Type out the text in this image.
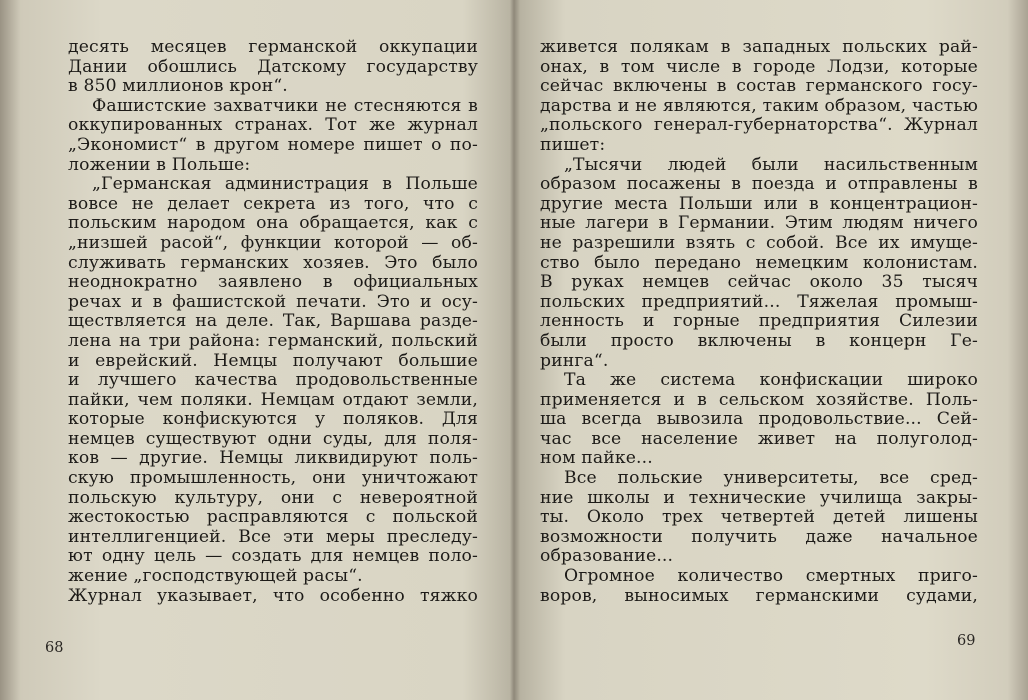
десять месяцев германской оккупации
Дании обошлись Датскому государству
в 850 миллионов крон“.
Фашистские захватчики не стесняются в
оккупированных странах. Тот же журнал
„Экономист“ в другом номере пишет о по-
ложении в Польше:
„Германская администрация в Польше
вовсе не делает секрета из того, что с
польским народом она обращается, как с
„низшей расой“, функции которой — об-
служивать германских хозяев. Это было
неоднократно заявлено в официальных
речах и в фашистской печати. Это и осу-
ществляется на деле. Так, Варшава разде-
лена на три района: германский, польский
и еврейский. Немцы получают большие
и лучшего качества продовольственные
пайки, чем поляки. Немцам отдают земли,
которые конфискуются у поляков. Для
немцев существуют одни суды, для поля-
ков — другие. Немцы ликвидируют поль-
скую промышленность, они уничтожают
польскую культуру, они с невероятной
жестокостью расправляются с польской
интеллигенцией. Все эти меры преследу-
ют одну цель — создать для немцев поло-
жение „господствующей расы“.
Журнал указывает, что особенно тяжко
живется полякам в западных польских рай-
онах, в том числе в городе Лодзи, которые
сейчас включены в состав германского госу-
дарства и не являются, таким образом, частью
„польского генерал-губернаторства“. Журнал
пишет:
„Тысячи людей были насильственным
образом посажены в поезда и отправлены в
другие места Польши или в концентрацион-
ные лагери в Германии. Этим людям ничего
не разрешили взять с собой. Все их имуще-
ство было передано немецким колонистам.
В руках немцев сейчас около 35 тысяч
польских предприятий... Тяжелая промыш-
ленность и горные предприятия Силезии
были просто включены в концерн Ге-
ринга“.
Та же система конфискации широко
применяется и в сельском хозяйстве. Поль-
ша всегда вывозила продовольствие... Сей-
час все население живет на полуголод-
ном пайке...
Все польские университеты, все сред-
ние школы и технические училища закры-
ты. Около трех четвертей детей лишены
возможности получить даже начальное
образование...
Огромное количество смертных приго-
воров, выносимых германскими судами,
68	69
